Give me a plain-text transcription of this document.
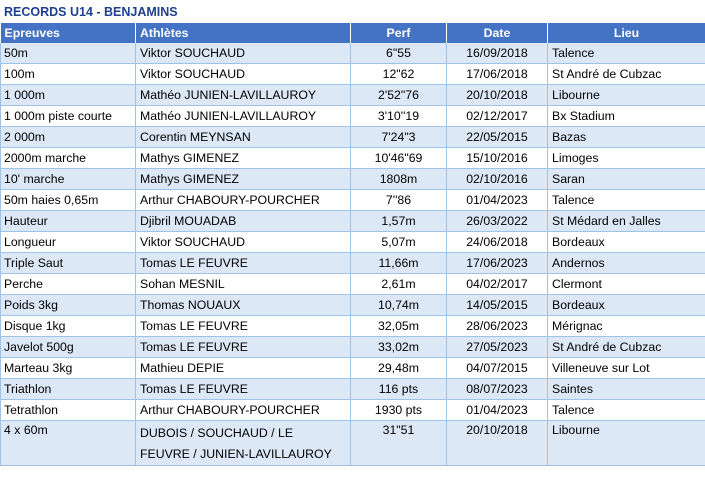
RECORDS U14 - BENJAMINS
Epreuves	Athlètes	Perf	Date	Lieu
50m	Viktor SOUCHAUD	6"55	16/09/2018	Talence
100m	Viktor SOUCHAUD	12"62	17/06/2018	St André de Cubzac
1 000m	Mathéo JUNIEN-LAVILLAUROY	2'52"76	20/10/2018	Libourne
1 000m piste courte	Mathéo JUNIEN-LAVILLAUROY	3'10''19	02/12/2017	Bx Stadium
2 000m	Corentin MEYNSAN	7'24"3	22/05/2015	Bazas
2000m marche	Mathys GIMENEZ	10'46"69	15/10/2016	Limoges
10' marche	Mathys GIMENEZ	1808m	02/10/2016	Saran
50m haies 0,65m	Arthur CHABOURY-POURCHER	7''86	01/04/2023	Talence
Hauteur	Djibril MOUADAB	1,57m	26/03/2022	St Médard en Jalles
Longueur	Viktor SOUCHAUD	5,07m	24/06/2018	Bordeaux
Triple Saut	Tomas LE FEUVRE	11,66m	17/06/2023	Andernos
Perche	Sohan MESNIL	2,61m	04/02/2017	Clermont
Poids 3kg	Thomas NOUAUX	10,74m	14/05/2015	Bordeaux
Disque 1kg	Tomas LE FEUVRE	32,05m	28/06/2023	Mérignac
Javelot 500g	Tomas LE FEUVRE	33,02m	27/05/2023	St André de Cubzac
Marteau 3kg	Mathieu DEPIE	29,48m	04/07/2015	Villeneuve sur Lot
Triathlon	Tomas LE FEUVRE	116 pts	08/07/2023	Saintes
Tetrathlon	Arthur CHABOURY-POURCHER	1930 pts	01/04/2023	Talence
4 x 60m	DUBOIS / SOUCHAUD / LE FEUVRE / JUNIEN-LAVILLAUROY	31"51	20/10/2018	Libourne
